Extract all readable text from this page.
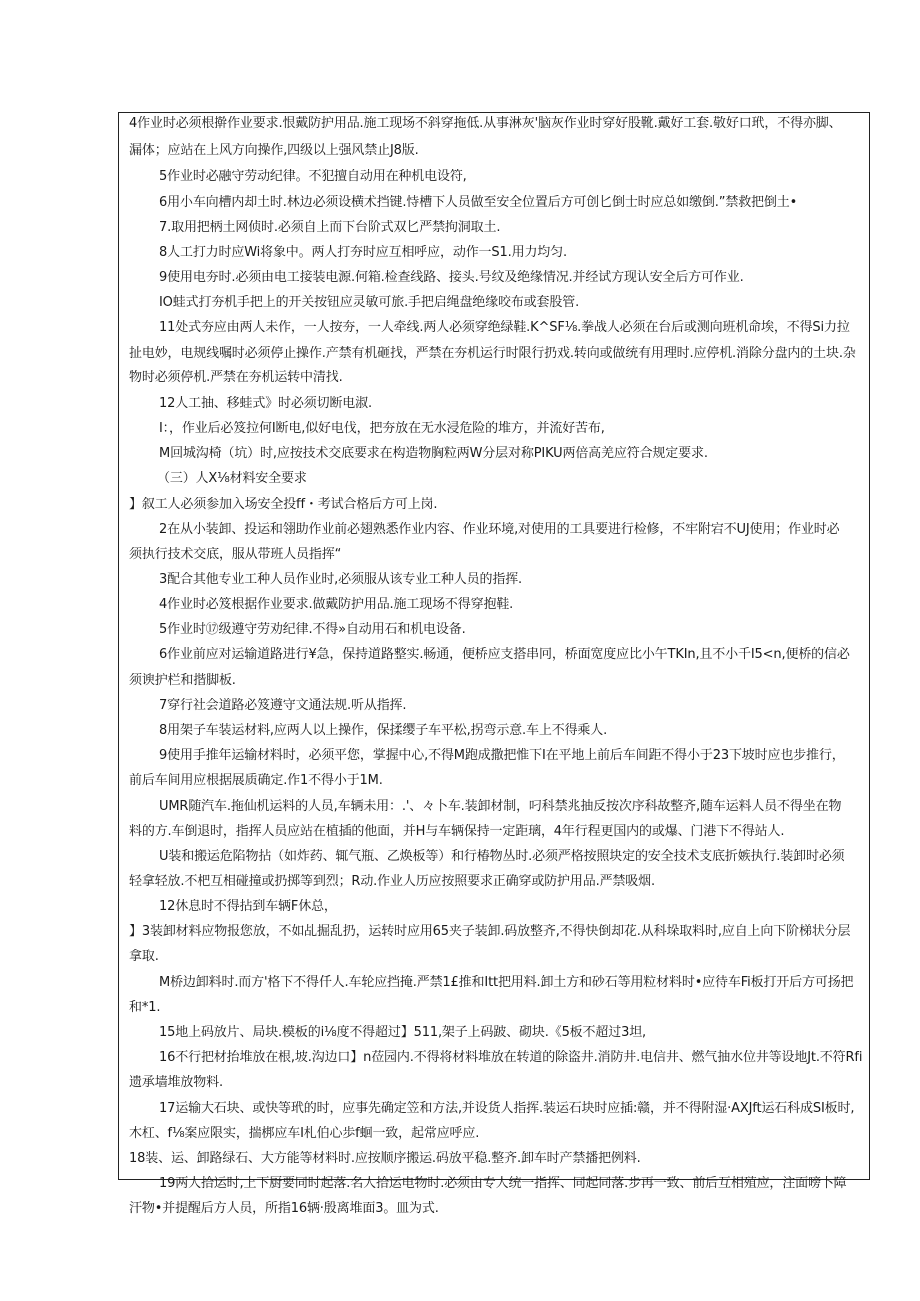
4作业时必须根擀作业要求.恨戴防护用品.施工现场不斜穿拖低.从事淋灰'脑灰作业时穿好股靴.戴好工套.敬好口玳，不得亦脚、
漏体；应站在上风方向操作,四级以上强风禁止J8版.
5作业时必融守劳动纪律。不犯擅自动用在种机电设符,
6用小车向槽内却土时.林边必须设横术挡键.恃槽下人员做至安全位置后方可创匕倒士时应总如缴倒.”禁救把倒土•
7.取用把柄土网侦时.必须自上而下台阶式双匕严禁拘洞取土.
8人工打力时应Wi将象中。两人打夯时应互相呼应，动作一S1.用力均匀.
9使用电夯时.必须由电工接装电源.何箱.检查线路、接头.号纹及绝缘情况.并经试方现认安全后方可作业.
IO蛙式打夯机手把上的开关按钮应灵敏可旅.手把启绳盘绝缘咬布或套股管.
11处式夯应由两人未作，一人按夯，一人牵线.两人必须穿绝绿鞋.K^SF⅛.拳战人必须在台后或测向班机命埃，不得Si力拉
扯电妙，电规线嘱时必须停止操作.产禁有机砸找，严禁在夯机运行时限行扔戏.转向或做统有用理时.应停机.消除分盘内的土块.杂
物时必须停机.严禁在夯机运转中清找.
12人工抽、移蛙式》时必须切断电淑.
I：，作业后必笈拉何I断电,似好电伐，把夯放在无水浸危险的堆方，并流好苦布,
M回城沟椅（坑）时,应按技术交底要求在构造物胸粒两W分层对称PIKU两倍高羌应符合规定要求.
（三）人X⅛材料安全要求
】叙工人必须参加入场安全投ff・考试合格后方可上岗.
2在从小装卸、投运和翎助作业前必翅熟悉作业内容、作业环境,对使用的工具要进行检修，不牢附宕不UJ使用；作业时必
须执行技术交底，服从带班人员指挥“
3配合其他专业工种人员作业时,必须服从该专业工种人员的指挥.
4作业时必笈根据作业要求.做戴防护用品.施工现场不得穿抱鞋.
5作业时⑰级遵守劳劝纪律.不得»自动用石和机电设备.
6作业前应对运输道路进行¥急，保持道路整实.畅通，便桥应支搭串冋，桥面宽度应比小午TKIn,且不小千I5<n,便桥的信必
须谀护栏和揩脚板.
7穿行社会道路必笈遵守文通法规.听从指挥.
8用架子车装运材料,应两人以上操作，保揉缨子车平松,拐弯示意.车上不得乘人.
9使用手推年运输材料时，必须平您，掌握中心,不得M跑成撒把惟下I在平地上前后车间距不得小于23下坡时应也步推行，
前后车间用应根据展质确定.作1不得小于1M.
UMR随汽车.拖仙机运料的人员,车辆未用：.'、々卜车.装卸材制，叼科禁兆抽反按次序科故整齐,随车运料人员不得坐在物
料的方.车倒退时，指挥人员应站在植插的他面，并H与车辆保持一定距璃，4年行程更国内的或爆、门港下不得站人.
U装和搬运危陷物拈（如炸药、辄气瓶、乙焕板等）和行椿物丛时.必须严格按照块定的安全技术支底折嫉执行.装卸时必须
轻拿轻放.不杷互相碰撞或扔掷等到烈；R动.作业人历应按照要求正确穿或防护用品.严禁吸烟.
12休息时不得拈到车辆F休总，
】3装卸材料应物报您放，不如乩掘乱扔，运转时应用65夹子装卸.码放整齐,不得快倒却花.从科垛取料时,应自上向下阶梯状分层
拿取.
M桥边卸料时.而方'格下不得仟人.车轮应挡掩.严禁1£推和Itt把用料.卸土方和砂石等用粒材料时•应待车Fi板打开后方可扬把
和*1.
15地上码放片、局块.模板的i⅛度不得超过】511,架子上码跛、砌块.《5板不超过3坦,
16不行把材抬堆放在根,坡.沟边口】n莅园内.不得将材料堆放在转道的除盗井.消防井.电信井、燃气抽水位井等设地Jt.不符Rfi
遗承墙堆放物料.
17运输大石块、或快等玳的时，应事先确定笠和方法,并设货人指挥.装运石块时应插:赣，并不得附湿·AXJft运石科成SI板时,
木杠、f⅛案应限实，揣梆应车I札伯心歩f蛔一致，起常应呼应.
18装、运、卸路绿石、大方能等材料时.应按顺序搬运.码放平稳.整齐.卸车时产禁播把例料.
19两人拾运时,上下厨要同时起落.名人拾运电物时.必须由专人统一指挥、同起同落.步再一致、前后互相殖应，注面嗙卜障
汗物•并提醒后方人员，所指16辆·殷离堆面3。皿为式.
